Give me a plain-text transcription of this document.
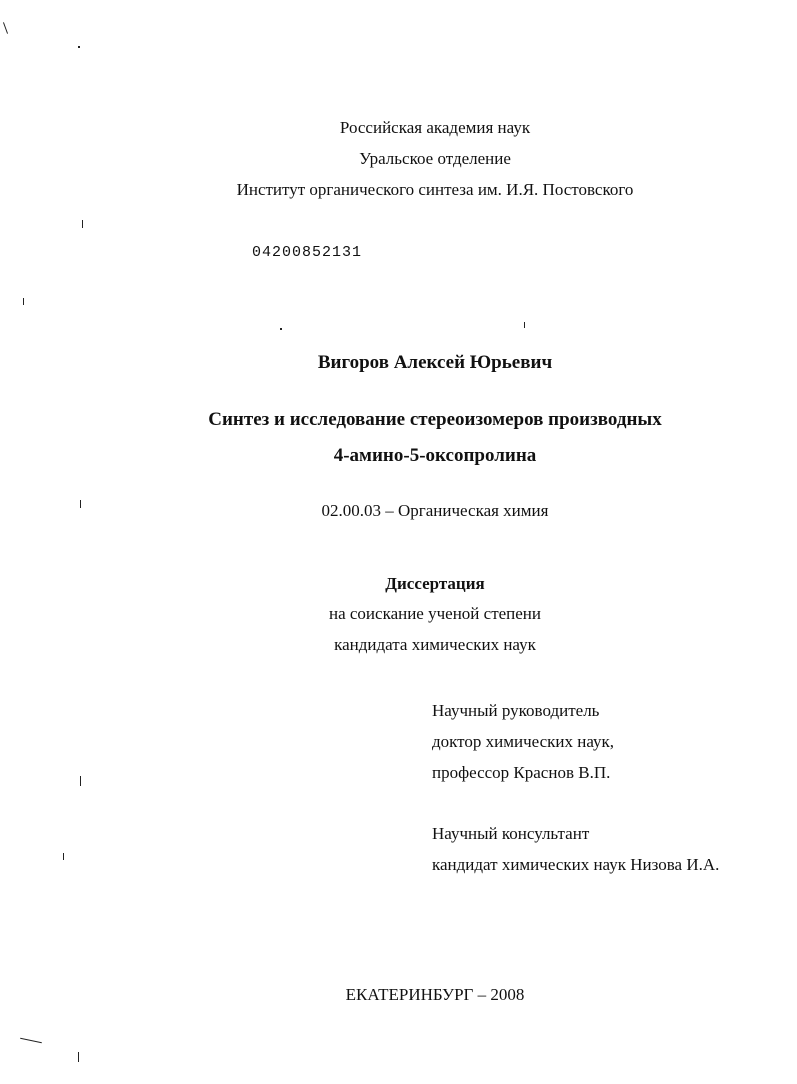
Российская академия наук
Уральское отделение
Институт органического синтеза им. И.Я. Постовского
04200852131
Вигоров Алексей Юрьевич
Синтез и исследование стереоизомеров производных
4-амино-5-оксопролина
02.00.03 – Органическая химия
Диссертация
на соискание ученой степени
кандидата химических наук
Научный руководитель
доктор химических наук,
профессор Краснов В.П.
Научный консультант
кандидат химических наук Низова И.А.
ЕКАТЕРИНБУРГ – 2008
